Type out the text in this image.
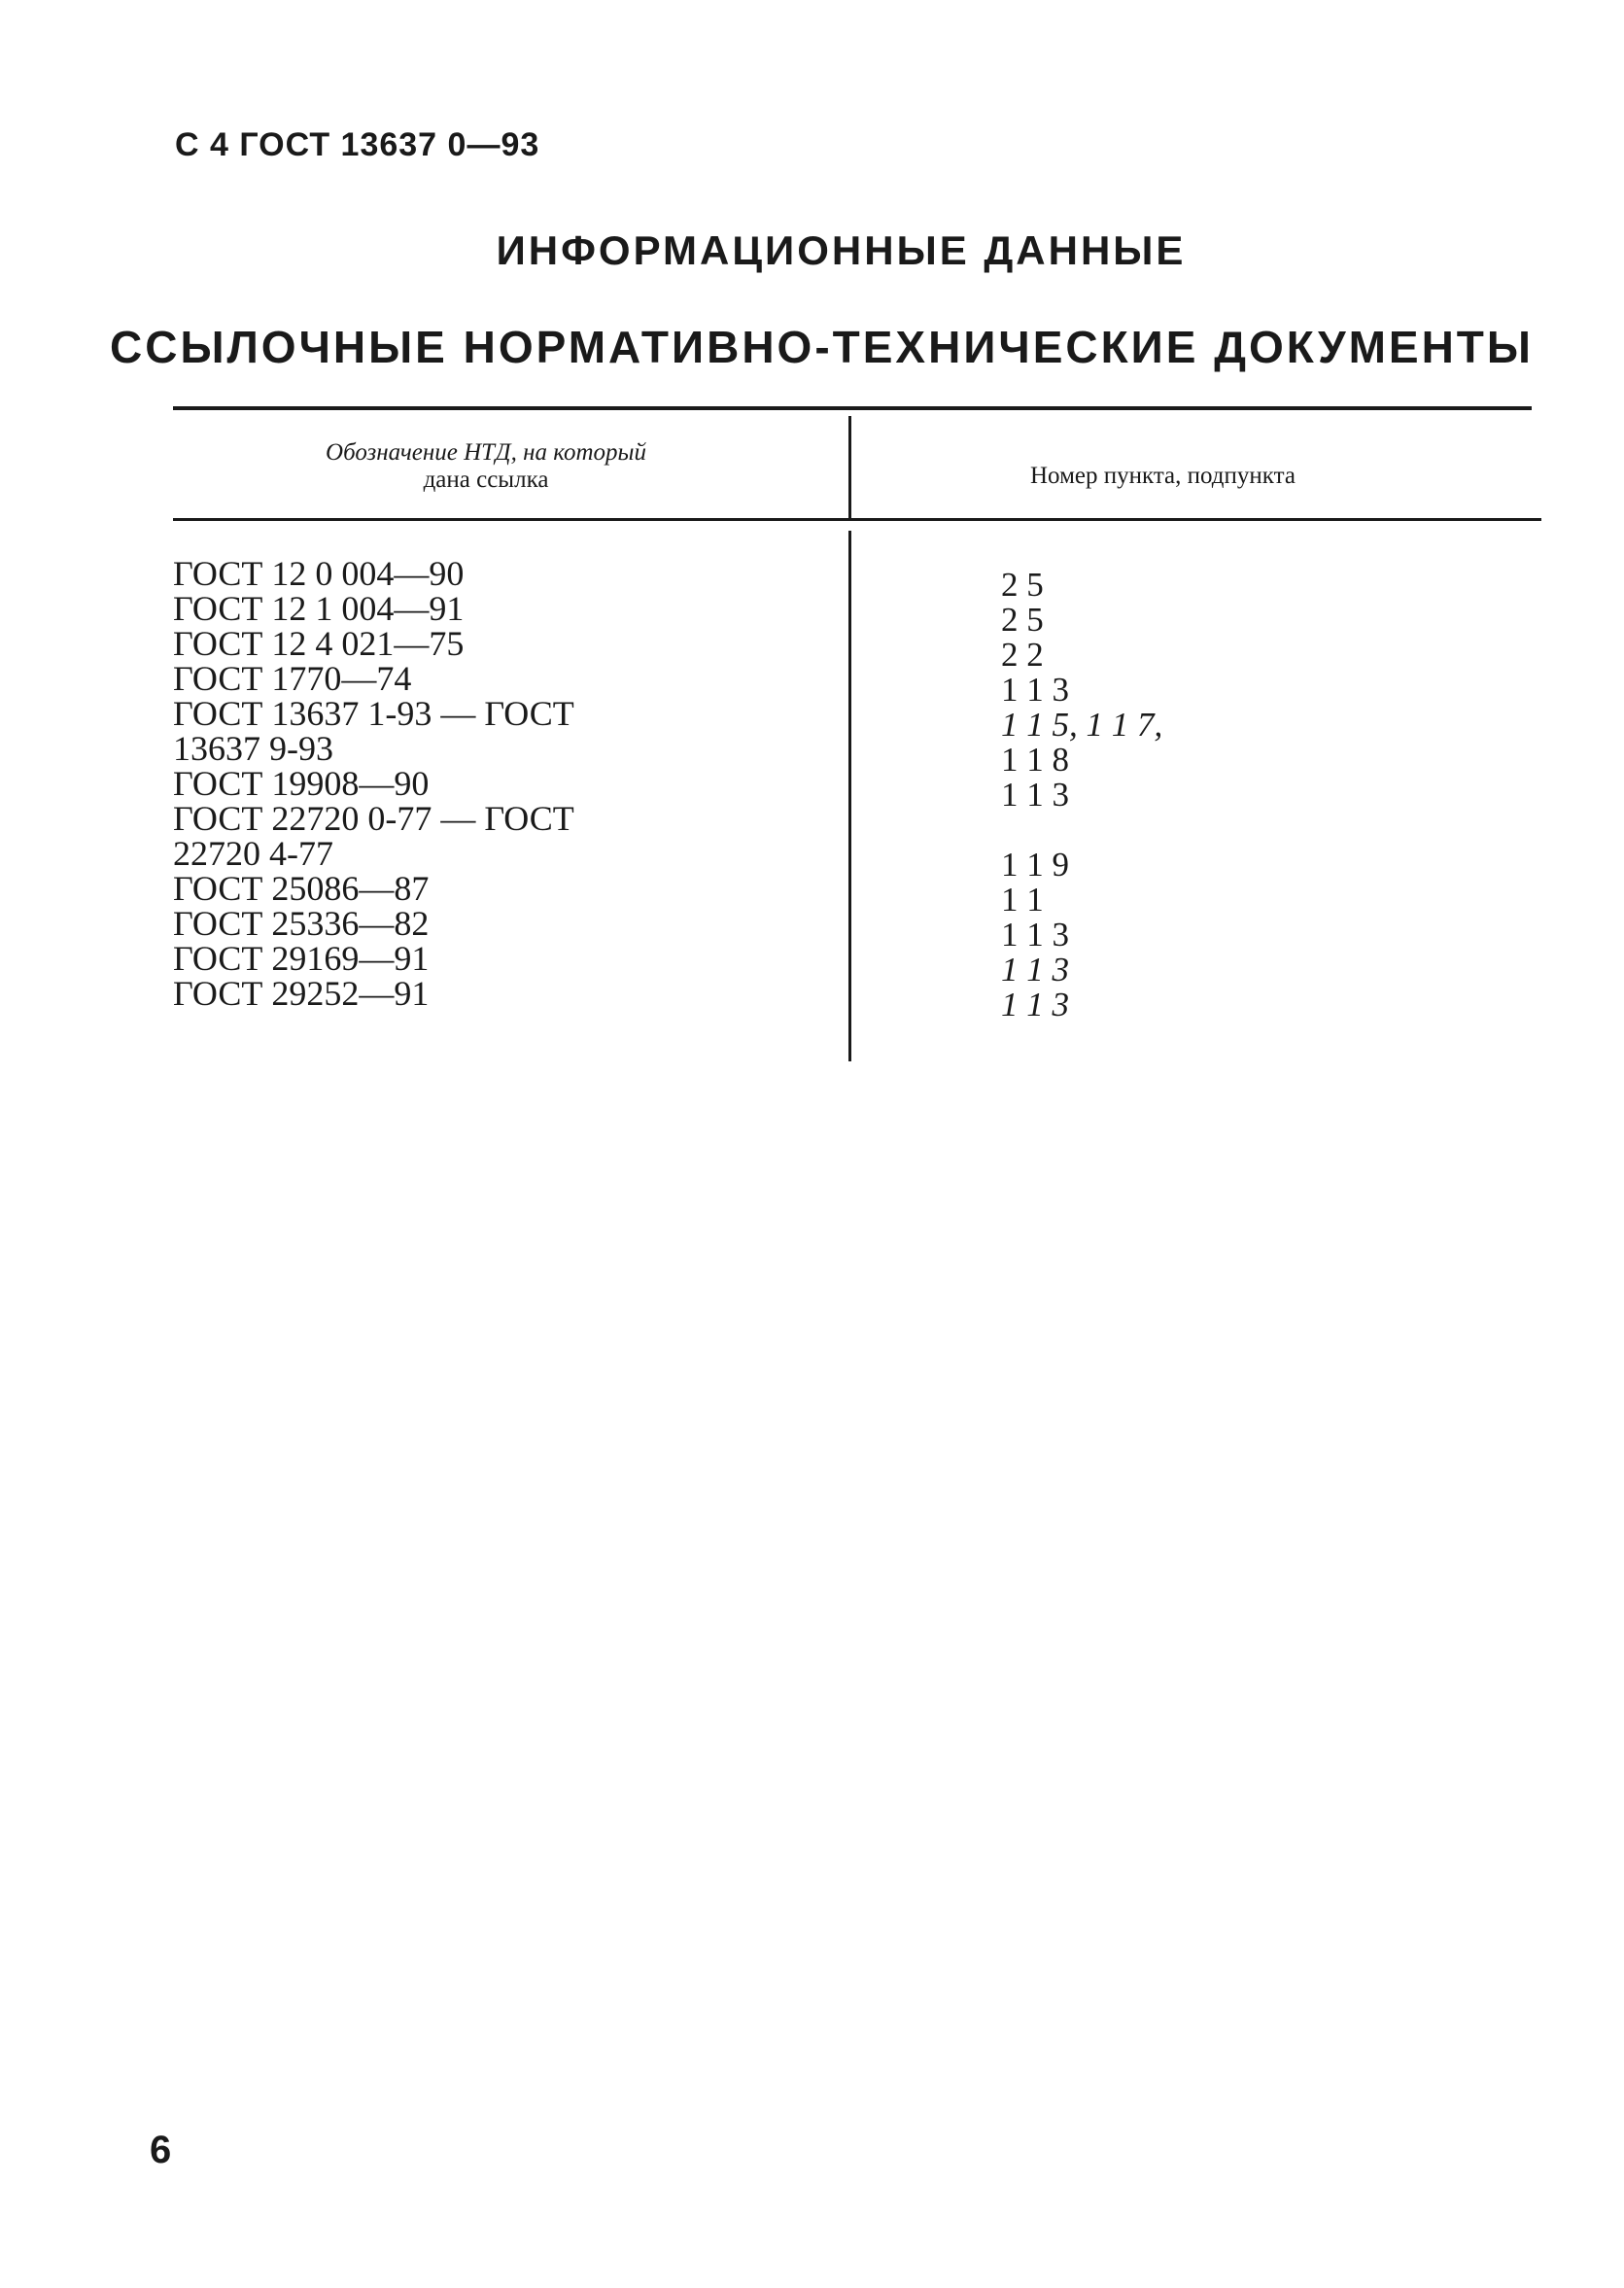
С 4 ГОСТ 13637 0—93
ИНФОРМАЦИОННЫЕ ДАННЫЕ
ССЫЛОЧНЫЕ НОРМАТИВНО-ТЕХНИЧЕСКИЕ ДОКУМЕНТЫ
Обозначение НТД, на который
дана ссылка	Номер пункта, подпункта
ГОСТ 12 0 004—90
ГОСТ 12 1 004—91
ГОСТ 12 4 021—75
ГОСТ 1770—74
ГОСТ 13637 1-93 — ГОСТ
13637 9-93
ГОСТ 19908—90
ГОСТ 22720 0-77 — ГОСТ
22720 4-77
ГОСТ 25086—87
ГОСТ 25336—82
ГОСТ 29169—91
ГОСТ 29252—91
2 5
2 5
2 2
1 1 3
1 1 5, 1 1 7,
1 1 8
1 1 3
1 1 9
1 1
1 1 3
1 1 3
1 1 3
6
